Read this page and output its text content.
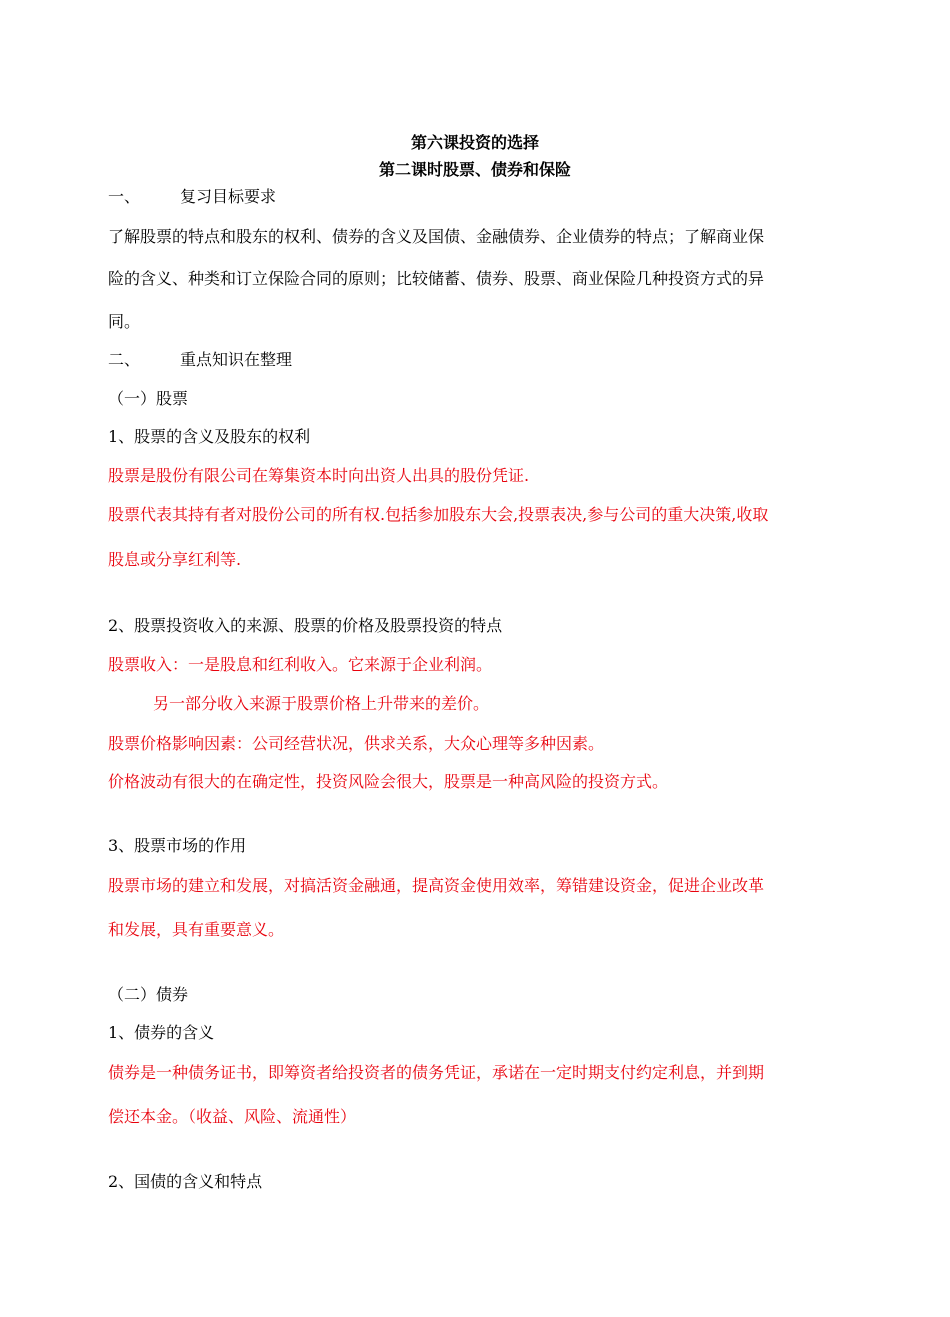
第六课投资的选择
第二课时股票、债券和保险
一、 复习目标要求
了解股票的特点和股东的权利、债券的含义及国债、金融债券、企业债券的特点；了解商业保
险的含义、种类和订立保险合同的原则；比较储蓄、债券、股票、商业保险几种投资方式的异
同。
二、 重点知识在整理
（一）股票
1、股票的含义及股东的权利
股票是股份有限公司在筹集资本时向出资人出具的股份凭证.
股票代表其持有者对股份公司的所有权.包括参加股东大会,投票表决,参与公司的重大决策,收取
股息或分享红利等.
2、股票投资收入的来源、股票的价格及股票投资的特点
股票收入：一是股息和红利收入。它来源于企业利润。
另一部分收入来源于股票价格上升带来的差价。
股票价格影响因素：公司经营状况，供求关系，大众心理等多种因素。
价格波动有很大的在确定性，投资风险会很大，股票是一种高风险的投资方式。
3、股票市场的作用
股票市场的建立和发展，对搞活资金融通，提高资金使用效率，筹错建设资金，促进企业改革
和发展，具有重要意义。
（二）债券
1、债券的含义
债券是一种债务证书，即筹资者给投资者的债务凭证，承诺在一定时期支付约定利息，并到期
偿还本金。（收益、风险、流通性）
2、国债的含义和特点
